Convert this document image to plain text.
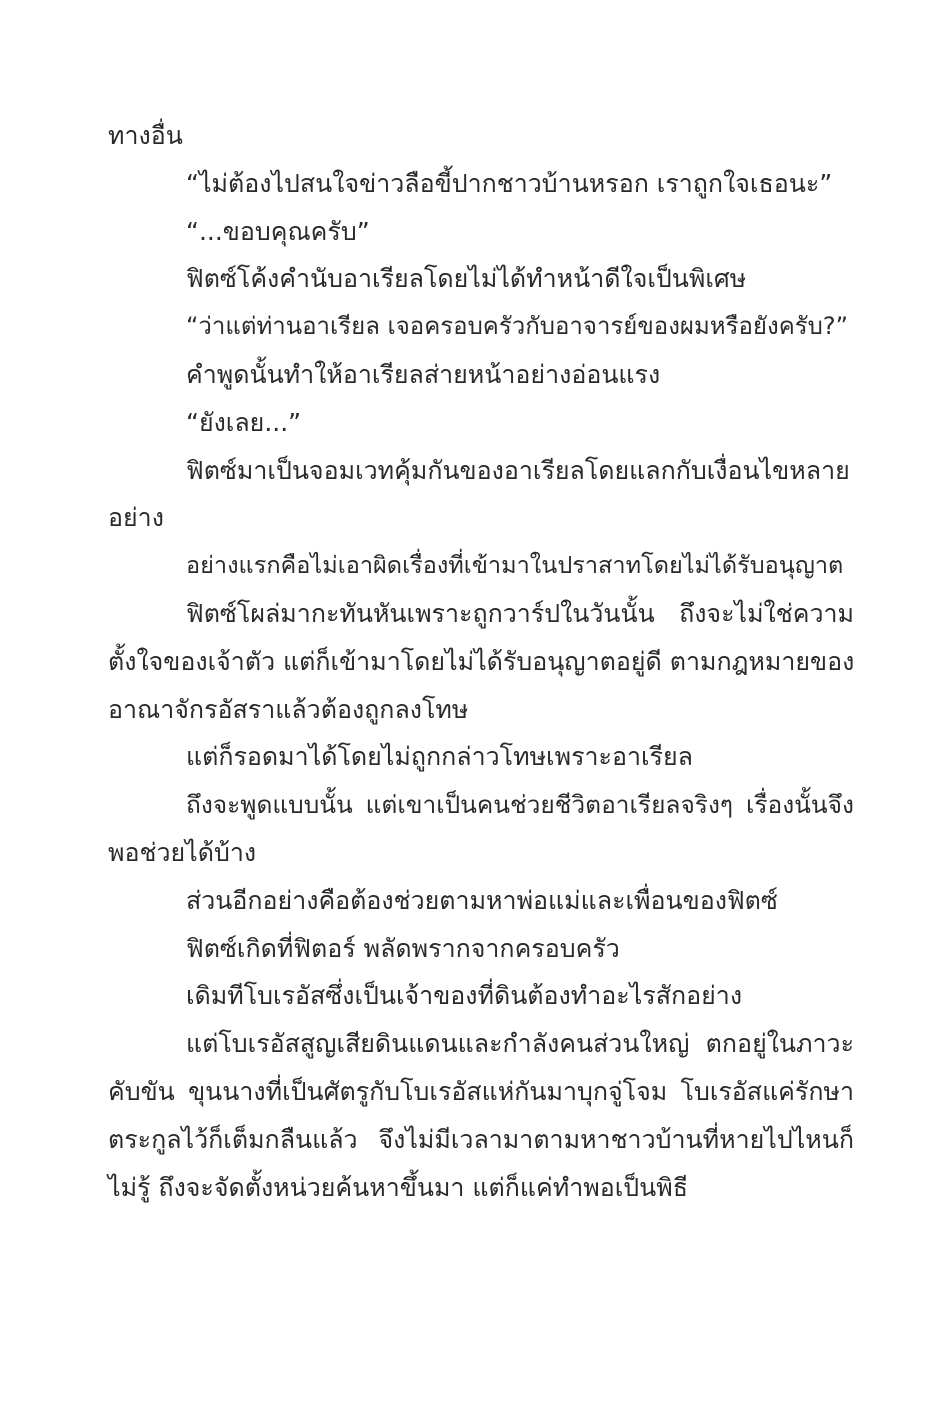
ทางอื่น
“ไม่ต้องไปสนใจข่าวลือขี้ปากชาวบ้านหรอก เราถูกใจเธอนะ”
“...ขอบคุณครับ”
ฟิตซ์โค้งคำนับอาเรียลโดยไม่ได้ทำหน้าดีใจเป็นพิเศษ
“ว่าแต่ท่านอาเรียล เจอครอบครัวกับอาจารย์ของผมหรือยังครับ?”
คำพูดนั้นทำให้อาเรียลส่ายหน้าอย่างอ่อนแรง
“ยังเลย...”
ฟิตซ์มาเป็นจอมเวทคุ้มกันของอาเรียลโดยแลกกับเงื่อนไขหลาย
อย่าง
อย่างแรกคือไม่เอาผิดเรื่องที่เข้ามาในปราสาทโดยไม่ได้รับอนุญาต
ฟิตซ์โผล่มากะทันหันเพราะถูกวาร์ปในวันนั้น ถึงจะไม่ใช่ความ
ตั้งใจของเจ้าตัว แต่ก็เข้ามาโดยไม่ได้รับอนุญาตอยู่ดี ตามกฎหมายของ
อาณาจักรอัสราแล้วต้องถูกลงโทษ
แต่ก็รอดมาได้โดยไม่ถูกกล่าวโทษเพราะอาเรียล
ถึงจะพูดแบบนั้น แต่เขาเป็นคนช่วยชีวิตอาเรียลจริงๆ เรื่องนั้นจึง
พอช่วยได้บ้าง
ส่วนอีกอย่างคือต้องช่วยตามหาพ่อแม่และเพื่อนของฟิตซ์
ฟิตซ์เกิดที่ฟิตอร์ พลัดพรากจากครอบครัว
เดิมทีโบเรอัสซึ่งเป็นเจ้าของที่ดินต้องทำอะไรสักอย่าง
แต่โบเรอัสสูญเสียดินแดนและกำลังคนส่วนใหญ่ ตกอยู่ในภาวะ
คับขัน ขุนนางที่เป็นศัตรูกับโบเรอัสแห่กันมาบุกจู่โจม โบเรอัสแค่รักษา
ตระกูลไว้ก็เต็มกลืนแล้ว จึงไม่มีเวลามาตามหาชาวบ้านที่หายไปไหนก็
ไม่รู้ ถึงจะจัดตั้งหน่วยค้นหาขึ้นมา แต่ก็แค่ทำพอเป็นพิธี
